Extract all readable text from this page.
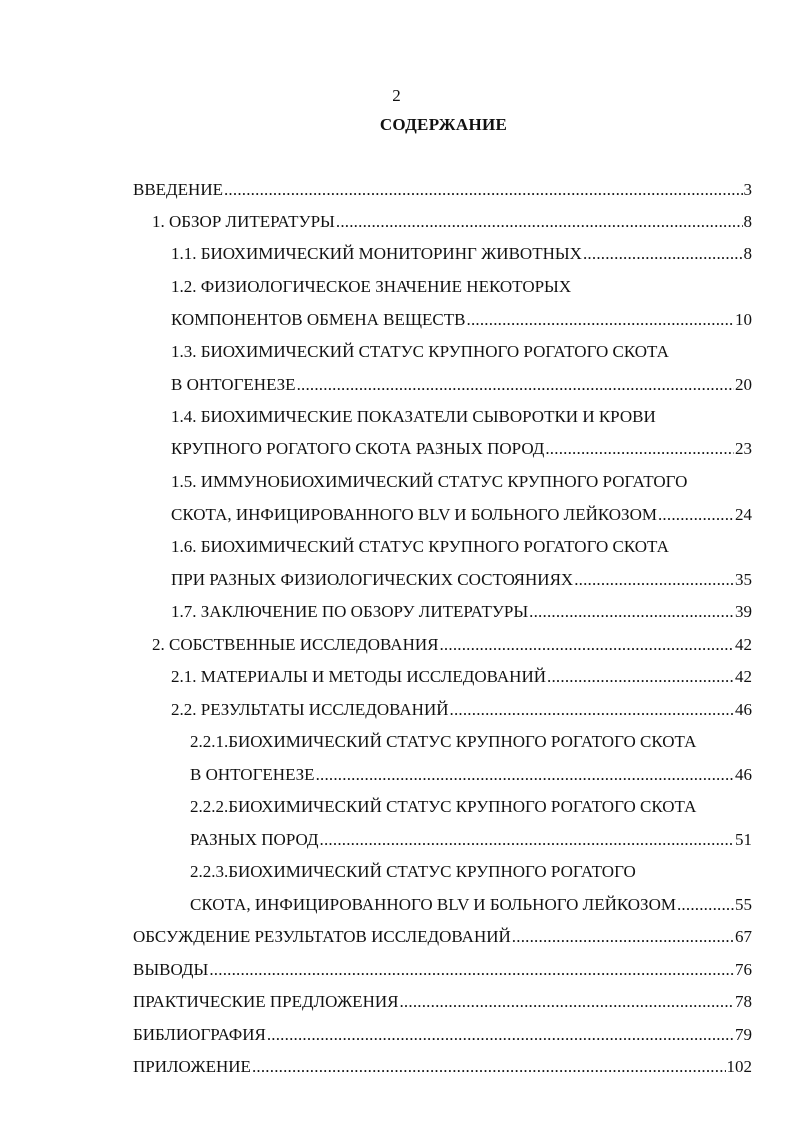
2
СОДЕРЖАНИЕ
ВВЕДЕНИЕ .....	3
1. ОБЗОР ЛИТЕРАТУРЫ .....	8
1.1. БИОХИМИЧЕСКИЙ МОНИТОРИНГ ЖИВОТНЫХ .....	8
1.2. ФИЗИОЛОГИЧЕСКОЕ ЗНАЧЕНИЕ НЕКОТОРЫХ
КОМПОНЕНТОВ ОБМЕНА ВЕЩЕСТВ .....	10
1.3. БИОХИМИЧЕСКИЙ СТАТУС КРУПНОГО РОГАТОГО СКОТА
В ОНТОГЕНЕЗЕ .....	20
1.4. БИОХИМИЧЕСКИЕ ПОКАЗАТЕЛИ СЫВОРОТКИ И КРОВИ
КРУПНОГО РОГАТОГО СКОТА РАЗНЫХ ПОРОД .....	23
1.5. ИММУНОБИОХИМИЧЕСКИЙ СТАТУС КРУПНОГО РОГАТОГО
СКОТА, ИНФИЦИРОВАННОГО BLV И БОЛЬНОГО ЛЕЙКОЗОМ .....	24
1.6. БИОХИМИЧЕСКИЙ СТАТУС КРУПНОГО РОГАТОГО СКОТА
ПРИ РАЗНЫХ ФИЗИОЛОГИЧЕСКИХ СОСТОЯНИЯХ .....	35
1.7. ЗАКЛЮЧЕНИЕ ПО ОБЗОРУ ЛИТЕРАТУРЫ .....	39
2. СОБСТВЕННЫЕ ИССЛЕДОВАНИЯ .....	42
2.1. МАТЕРИАЛЫ И МЕТОДЫ ИССЛЕДОВАНИЙ .....	42
2.2. РЕЗУЛЬТАТЫ ИССЛЕДОВАНИЙ .....	46
2.2.1.БИОХИМИЧЕСКИЙ СТАТУС КРУПНОГО РОГАТОГО СКОТА
В ОНТОГЕНЕЗЕ .....	46
2.2.2.БИОХИМИЧЕСКИЙ СТАТУС КРУПНОГО РОГАТОГО СКОТА
РАЗНЫХ ПОРОД .....	51
2.2.3.БИОХИМИЧЕСКИЙ СТАТУС КРУПНОГО РОГАТОГО
СКОТА, ИНФИЦИРОВАННОГО BLV И БОЛЬНОГО ЛЕЙКОЗОМ .....	55
ОБСУЖДЕНИЕ РЕЗУЛЬТАТОВ ИССЛЕДОВАНИЙ .....	67
ВЫВОДЫ .....	76
ПРАКТИЧЕСКИЕ ПРЕДЛОЖЕНИЯ .....	78
БИБЛИОГРАФИЯ .....	79
ПРИЛОЖЕНИЕ .....	102
